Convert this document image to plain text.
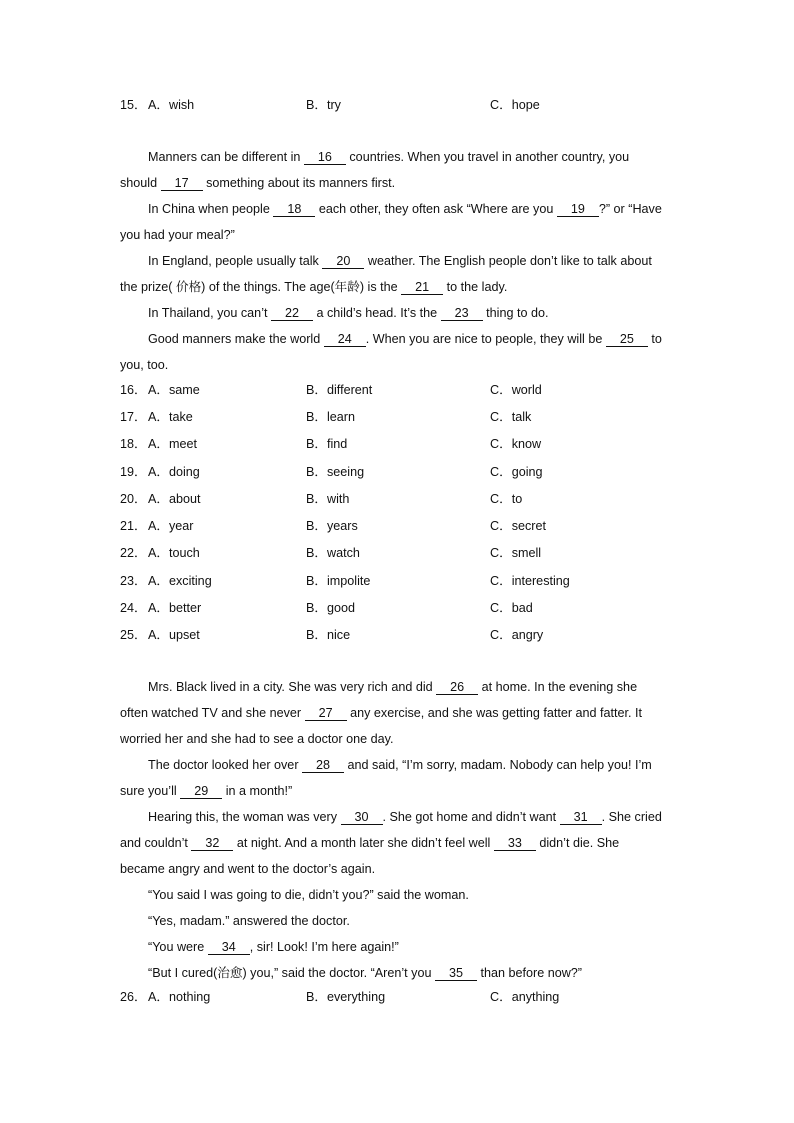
15． A．wish	B．try	C．hope
Manners can be different in 16 countries. When you travel in another country, you
should 17 something about its manners first.
In China when people 18 each other, they often ask “Where are you 19 ?” or “Have
you had your meal?”
In England, people usually talk 20 weather. The English people don’t like to talk about
the prize( 价格) of the things. The age(年龄) is the 21 to the lady.
In Thailand, you can’t 22 a child’s head. It’s the 23 thing to do.
Good manners make the world 24 . When you are nice to people, they will be 25 to
you, too.
16． A．same	B．different	C．world
17． A．take	B．learn	C．talk
18． A．meet	B．find	C．know
19． A．doing	B．seeing	C．going
20． A．about	B．with	C．to
21． A．year	B．years	C．secret
22． A．touch	B．watch	C．smell
23． A．exciting	B．impolite	C．interesting
24． A．better	B．good	C．bad
25． A．upset	B．nice	C．angry
Mrs. Black lived in a city. She was very rich and did 26 at home. In the evening she
often watched TV and she never 27 any exercise, and she was getting fatter and fatter. It
worried her and she had to see a doctor one day.
The doctor looked her over 28 and said, “I’m sorry, madam. Nobody can help you! I’m
sure you’ll 29 in a month!”
Hearing this, the woman was very 30 . She got home and didn’t want 31 . She cried
and couldn’t 32 at night. And a month later she didn’t feel well 33 didn’t die. She
became angry and went to the doctor’s again.
“You said I was going to die, didn’t you?” said the woman.
“Yes, madam.” answered the doctor.
“You were 34 , sir! Look! I’m here again!”
“But I cured(治愈) you,” said the doctor. “Aren’t you 35 than before now?”
26． A．nothing	B．everything	C．anything
